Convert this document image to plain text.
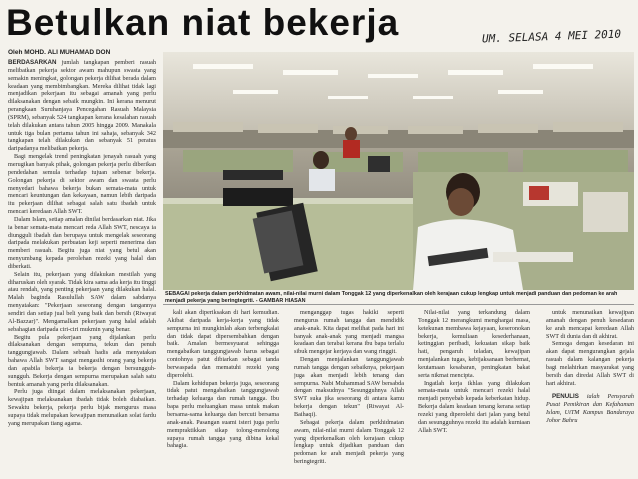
Betulkan niat bekerja	UM. SELASA 4 MEI 2010
Oleh MOHD. ALI MUHAMAD DON

BERDASARKAN jumlah tangkapan pemberi rasuah melibatkan pekerja sektor awam mahupun swasta yang semakin meningkat, golongan pekerja dilihat berada dalam keadaan yang membimbangkan. Mereka dilihat tidak lagi menjadikan pekerjaan itu sebagai amanah yang perlu dilaksanakan dengan sebaik mungkin. Ini kerana menurut perangkaan Suruhanjaya Pencegahan Rasuah Malaysia (SPRM), sebanyak 524 tangkapan kerana kesalahan rasuah telah dilakukan antara tahun 2005 hingga 2009. Manakala untuk tiga bulan pertama tahun ini sahaja, sebanyak 342 tangkapan telah dilakukan dan sebanyak 51 peratus daripadanya melibatkan pekerja.

Bagi mengelak trend peningkatan jenayah rasuah yang merugikan banyak pihak, golongan pekerja perlu diberikan pendedahan semula terhadap tujuan sebenar bekerja. Golongan pekerja di sektor awam dan swasta perlu menyedari bahawa bekerja bukan semata-mata untuk mencari keuntungan dan kekayaan, namun lebih daripada itu pekerjaan dilihat sebagai salah satu ibadah untuk mencari keredaan Allah SWT.

Dalam Islam, setiap amalan dinilai berdasarkan niat. Jika ia benar semata-mata mencari reda Allah SWT, nescaya ia diungguli ibadah dan berupaya untuk mengelak seseorang daripada melakukan perbuatan keji seperti menerima dan memberi rasuah. Begitu juga niat yang betul akan menyumbang kepada perolehan rezeki yang halal dan diberkati.

Selain itu, pekerjaan yang dilakukan mestilah yang diharuskan oleh syarak. Tidak kira sama ada kerja itu tinggi atau rendah, yang penting pekerjaan yang dilakukan halal. Malah baginda Rasulullah SAW dalam sabdanya menyatakan: "Pekerjaan seseorang dengan tangannya sendiri dan setiap jual beli yang baik dan bersih (Riwayat Al-Bazzar)". Mengamalkan pekerjaan yang halal adalah sebahagian daripada ciri-ciri mukmin yang benar.

Begitu pula pekerjaan yang dijalankan perlu dilaksanakan dengan sempurna, tekun dan penuh tanggungjawab. Dalam sebuah hadis ada menyatakan bahawa Allah SWT sangat mengasihi orang yang bekerja dan apabila bekerja ia bekerja dengan bersungguh-sungguh. Bekerja dengan sempurna merupakan salah satu bentuk amanah yang perlu dilaksanakan.

Perlu juga diingat dalam melaksanakan pekerjaan, kewajipan melaksanakan ibadah tidak boleh diabaikan. Sewaktu bekerja, pekerja perlu bijak mengurus masa supaya tidak melupakan kewajipan menunaikan solat fardu yang merupakan tiang agama.

SEBAGAI pekerja dalam perkhidmatan awam, nilai-nilai murni dalam Tonggak 12 yang diperkenalkan oleh kerajaan cukup lengkap untuk menjadi panduan dan pedoman ke arah menjadi pekerja yang beringtegriti. - GAMBAR HIASAN

kali akan diperiksakan di hari kemudian. Akibat daripada kerja-kerja yang tidak sempurna ini mungkinlah akan terbengkalai dan tidak dapat dipersembahkan dengan baik. Amalan bermesyuarat sehingga mengabaikan tanggungjawab harus sebagai contohnya patut dibiarkan sebagai tanda berwaspada dan mematuhi rezeki yang diperolehi.

Dalam kehidupan bekerja juga, seseorang tidak patut mengabaikan tanggungjawab terhadap keluarga dan rumah tangga. Ibu bapa perlu meluangkan masa untuk makan bersama-sama keluarga dan bercuti bersama anak-anak. Pasangan suami isteri juga perlu mempraktikkan sikap tolong-menolong supaya rumah tangga yang dibina kekal bahagia.

menganggap tugas hakiki seperti mengurus rumah tangga dan mendidik anak-anak. Kita dapat melihat pada hari ini banyak anak-anak yang menjadi mangsa keadaan dan terabai kerana ibu bapa terlalu sibuk mengejar kerjaya dan wang ringgit.

Dengan menjalankan tanggungjawab rumah tangga dengan sebaiknya, pekerjaan juga akan menjadi lebih tenang dan sempurna. Nabi Muhammad SAW bersabda dengan maksudnya "Sesungguhnya Allah SWT suka jika seseorang di antara kamu bekerja dengan tekun" (Riwayat Al-Baihaqi).

Sebagai pekerja dalam perkhidmatan awam, nilai-nilai murni dalam Tonggak 12 yang diperkenalkan oleh kerajaan cukup lengkap untuk dijadikan panduan dan pedoman ke arah menjadi pekerja yang beringtegriti.

Nilai-nilai yang terkandung dalam Tonggak 12 merangkumi menghargai masa, ketekunan membawa kejayaan, keseronokan bekerja, kemuliaan kesederhanaan, ketinggian peribadi, kekuatan sikap baik hati, pengaruh teladan, kewajipan menjalankan tugas, kebijaksanaan berhemat, keutamaan kesabaran, peningkatan bakat serta nikmat mencipta.

Ingatlah kerja ikhlas yang dilakukan semata-mata untuk mencari rezeki halal menjadi penyebab kepada keberkatan hidup. Bekerja dalam keadaan tenang kerana setiap rezeki yang diperolehi dari jalan yang betul dan sesungguhnya rezeki itu adalah kurniaan Allah SWT.

untuk menunaikan kewajipan amanah dengan penuh kesedaran ke arah mencapai keredaan Allah SWT di dunia dan di akhirat.

Semoga dengan kesedaran ini akan dapat mengurangkan gejala rasuah dalam kalangan pekerja bagi melahirkan masyarakat yang bersih dan diredai Allah SWT di hari akhirat.

PENULIS ialah Pensyarah Pusat Pemikiran dan Kefahaman Islam, UiTM Kampus Bandaraya Johor Bahru
